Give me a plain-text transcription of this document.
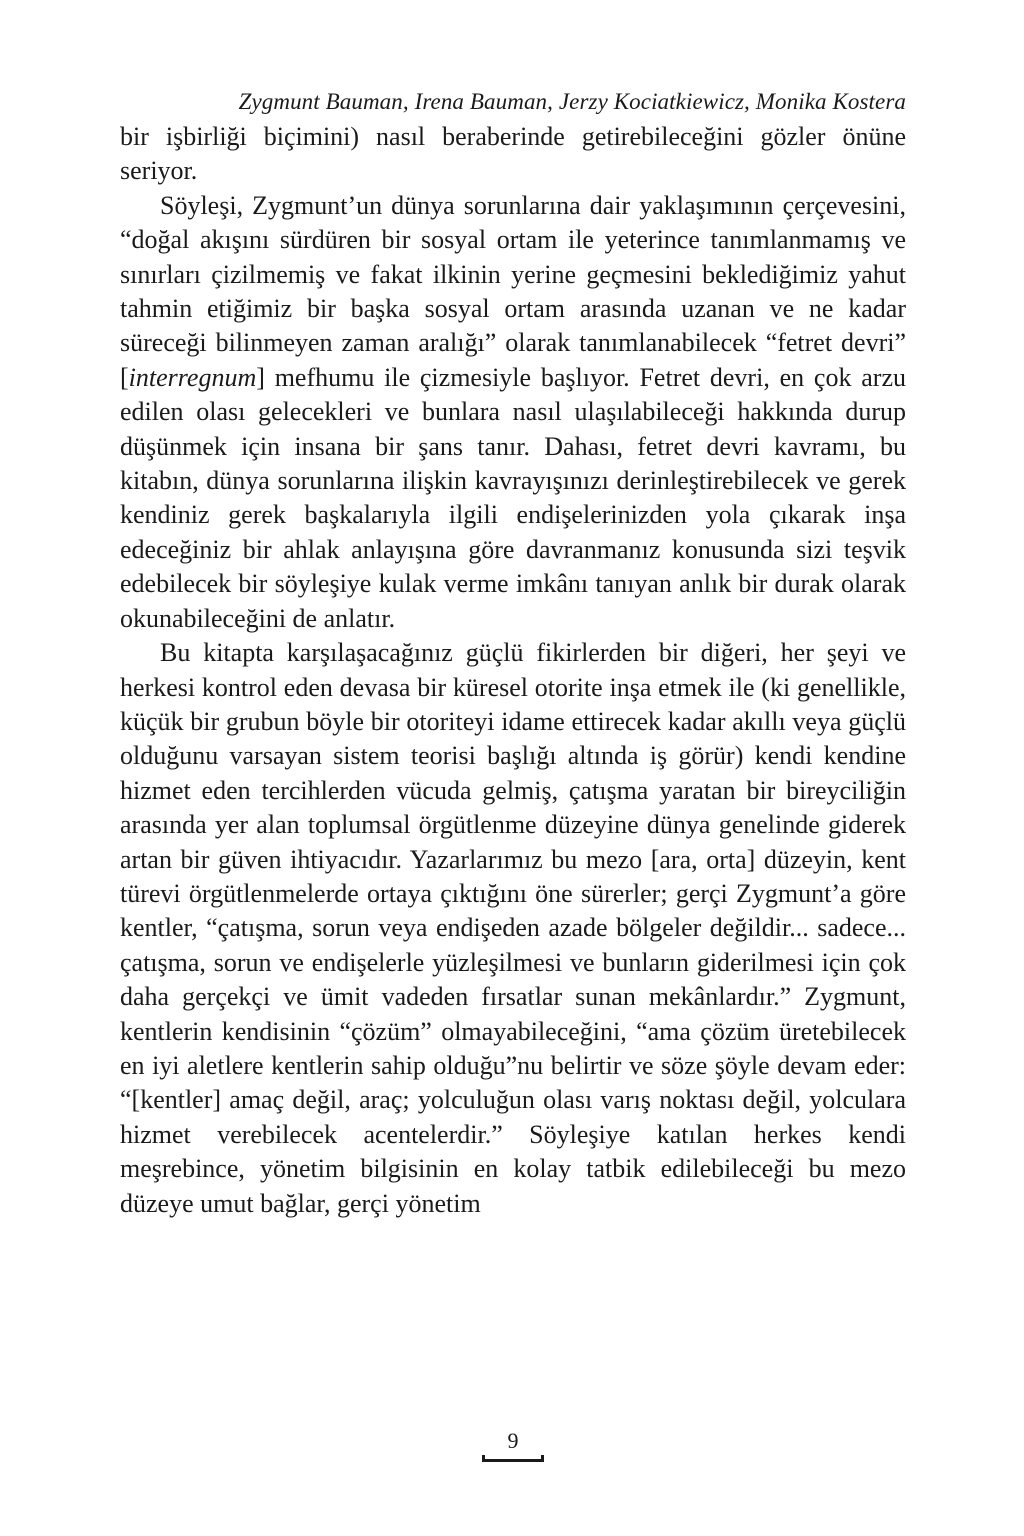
Zygmunt Bauman, Irena Bauman, Jerzy Kociatkiewicz, Monika Kostera

bir işbirliği biçimini) nasıl beraberinde getirebileceğini gözler önüne seriyor.

Söyleşi, Zygmunt’un dünya sorunlarına dair yaklaşımının çerçevesini, “doğal akışını sürdüren bir sosyal ortam ile yeterince tanımlanmamış ve sınırları çizilmemiş ve fakat ilkinin yerine geçmesini beklediğimiz yahut tahmin etiğimiz bir başka sosyal ortam arasında uzanan ve ne kadar süreceği bilinmeyen zaman aralığı” olarak tanımlanabilecek “fetret devri” [interregnum] mefhumu ile çizmesiyle başlıyor. Fetret devri, en çok arzu edilen olası gelecekleri ve bunlara nasıl ulaşılabileceği hakkında durup düşünmek için insana bir şans tanır. Dahası, fetret devri kavramı, bu kitabın, dünya sorunlarına ilişkin kavrayışınızı derinleştirebilecek ve gerek kendiniz gerek başkalarıyla ilgili endişelerinizden yola çıkarak inşa edeceğiniz bir ahlak anlayışına göre davranmanız konusunda sizi teşvik edebilecek bir söyleşiye kulak verme imkânı tanıyan anlık bir durak olarak okunabileceğini de anlatır.

Bu kitapta karşılaşacağınız güçlü fikirlerden bir diğeri, her şeyi ve herkesi kontrol eden devasa bir küresel otorite inşa etmek ile (ki genellikle, küçük bir grubun böyle bir otoriteyi idame ettirecek kadar akıllı veya güçlü olduğunu varsayan sistem teorisi başlığı altında iş görür) kendi kendine hizmet eden tercihlerden vücuda gelmiş, çatışma yaratan bir bireyciliğin arasında yer alan toplumsal örgütlenme düzeyine dünya genelinde giderek artan bir güven ihtiyacıdır. Yazarlarımız bu mezo [ara, orta] düzeyin, kent türevi örgütlenmelerde ortaya çıktığını öne sürerler; gerçi Zygmunt’a göre kentler, “çatışma, sorun veya endişeden azade bölgeler değildir... sadece... çatışma, sorun ve endişelerle yüzleşilmesi ve bunların giderilmesi için çok daha gerçekçi ve ümit vadeden fırsatlar sunan mekânlardır.” Zygmunt, kentlerin kendisinin “çözüm” olmayabileceğini, “ama çözüm üretebilecek en iyi aletlere kentlerin sahip olduğu”nu belirtir ve söze şöyle devam eder: “[kentler] amaç değil, araç; yolculuğun olası varış noktası değil, yolculara hizmet verebilecek acentelerdir.” Söyleşiye katılan herkes kendi meşrebince, yönetim bilgisinin en kolay tatbik edilebileceği bu mezo düzeye umut bağlar, gerçi yönetim

9
